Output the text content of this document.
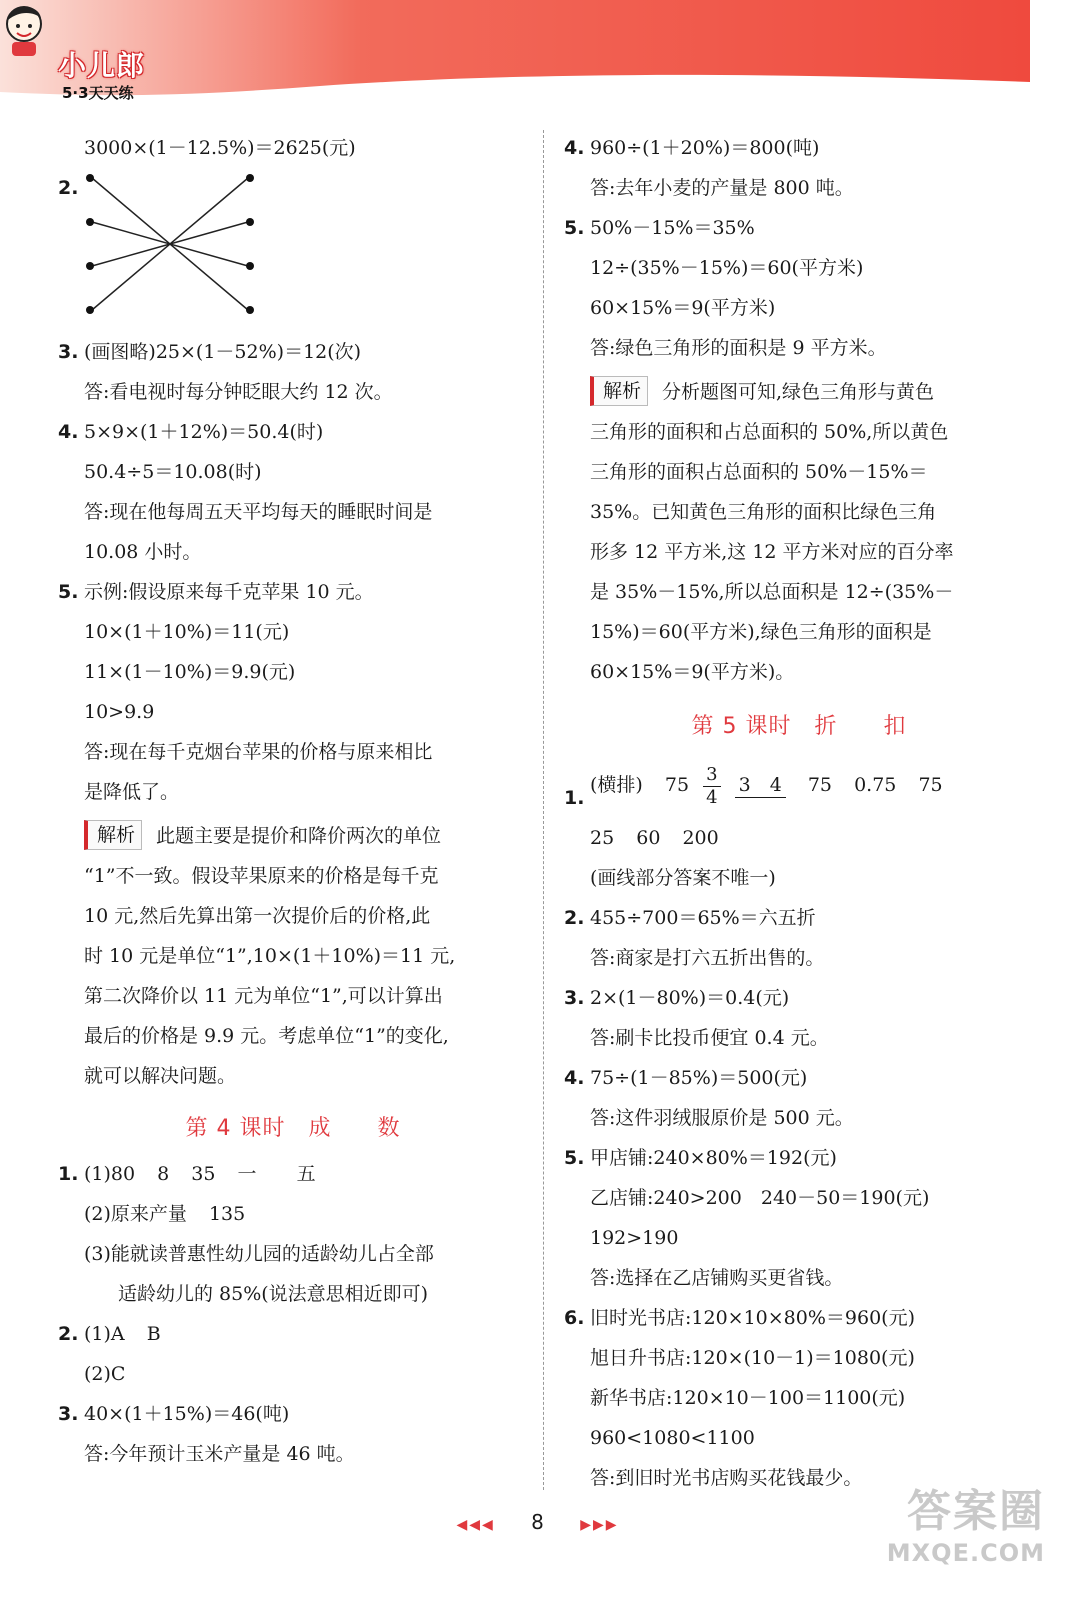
小儿郎
5·3天天练
3000×(1－12.5%)＝2625(元)
2.
3. (画图略)25×(1－52%)＝12(次)
答:看电视时每分钟眨眼大约 12 次。
4. 5×9×(1＋12%)＝50.4(时)
50.4÷5＝10.08(时)
答:现在他每周五天平均每天的睡眠时间是
10.08 小时。
5. 示例:假设原来每千克苹果 10 元。
10×(1＋10%)＝11(元)
11×(1－10%)＝9.9(元)
10>9.9
答:现在每千克烟台苹果的价格与原来相比
是降低了。
解析 此题主要是提价和降价两次的单位
“1”不一致。假设苹果原来的价格是每千克
10 元,然后先算出第一次提价后的价格,此
时 10 元是单位“1”,10×(1＋10%)＝11 元,
第二次降价以 11 元为单位“1”,可以计算出
最后的价格是 9.9 元。考虑单位“1”的变化,
就可以解决问题。
第 4 课时　成　　数
1. (1)80 8 35 一 五
(2)原来产量 135
(3)能就读普惠性幼儿园的适龄幼儿占全部
适龄幼儿的 85%(说法意思相近即可)
2. (1)A B
(2)C
3. 40×(1＋15%)＝46(吨)
答:今年预计玉米产量是 46 吨。
4. 960÷(1＋20%)＝800(吨)
答:去年小麦的产量是 800 吨。
5. 50%－15%＝35%
12÷(35%－15%)＝60(平方米)
60×15%＝9(平方米)
答:绿色三角形的面积是 9 平方米。
解析 分析题图可知,绿色三角形与黄色
三角形的面积和占总面积的 50%,所以黄色
三角形的面积占总面积的 50%－15%＝
35%。已知黄色三角形的面积比绿色三角
形多 12 平方米,这 12 平方米对应的百分率
是 35%－15%,所以总面积是 12÷(35%－
15%)＝60(平方米),绿色三角形的面积是
60×15%＝9(平方米)。
第 5 课时　折　　扣
1.
(横排) $75 \frac{3}{4} 3$　4 75 0.75 75
25 60 200
(画线部分答案不唯一)
2. 455÷700＝65%＝六五折
答:商家是打六五折出售的。
3. 2×(1－80%)＝0.4(元)
答:刷卡比投币便宜 0.4 元。
4. 75÷(1－85%)＝500(元)
答:这件羽绒服原价是 500 元。
5. 甲店铺:240×80%＝192(元)
乙店铺:240>200　240－50＝190(元)
192>190
答:选择在乙店铺购买更省钱。
6. 旧时光书店:120×10×80%＝960(元)
旭日升书店:120×(10－1)＝1080(元)
新华书店:120×10－100＝1100(元)
960<1080<1100
答:到旧时光书店购买花钱最少。
◀◀◀ 8	▶▶▶	答案圈
MXQE.COM
